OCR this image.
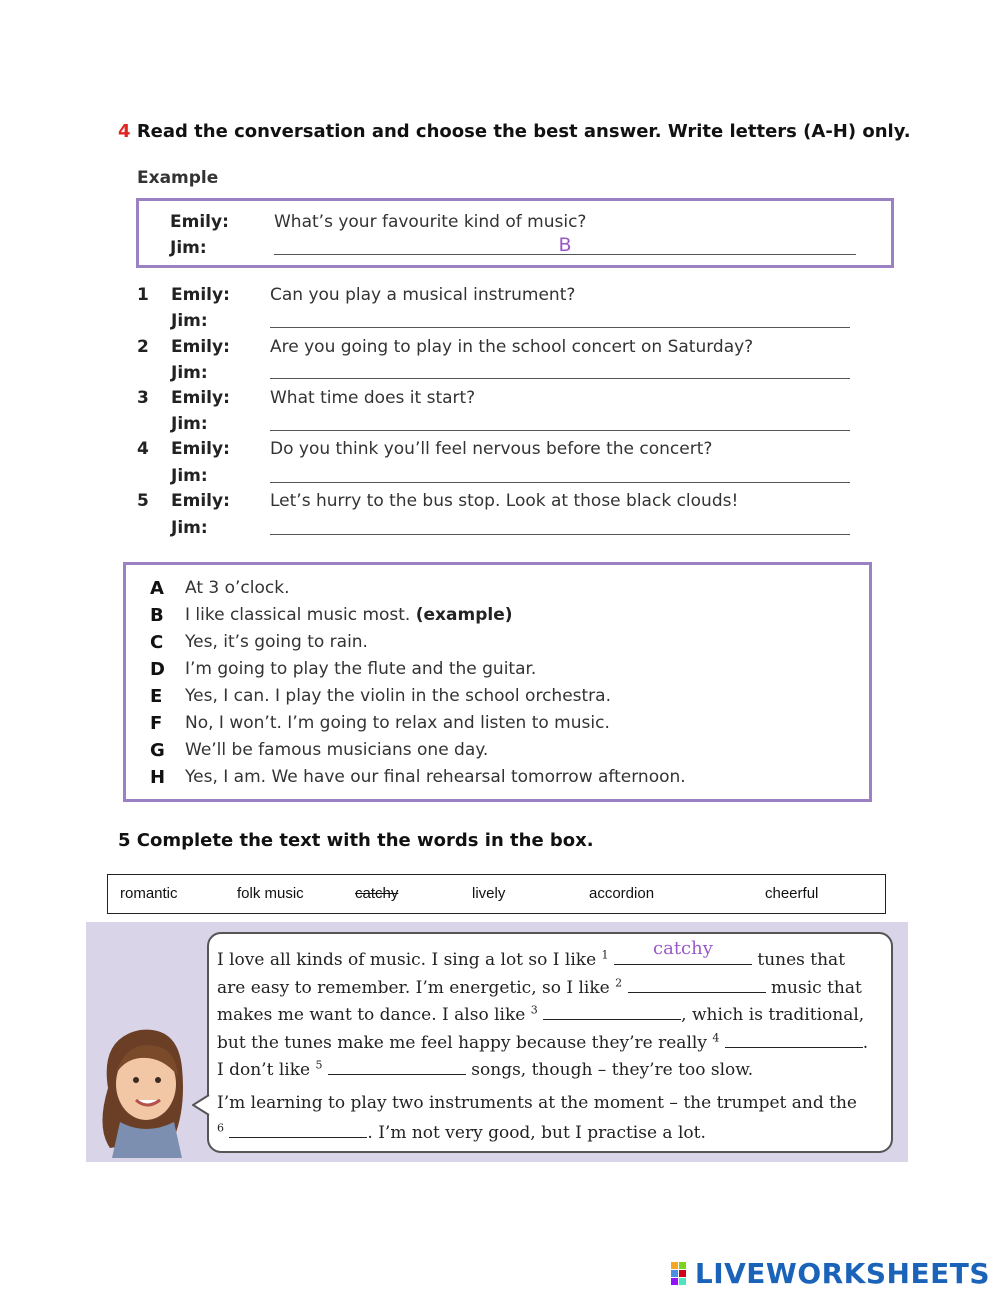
4 Read the conversation and choose the best answer. Write letters (A-H) only.
Example
Emily:	What’s your favourite kind of music?
Jim:	B
1 Emily: Can you play a musical instrument?
Jim:
2 Emily: Are you going to play in the school concert on Saturday?
Jim:
3 Emily: What time does it start?
Jim:
4 Emily: Do you think you’ll feel nervous before the concert?
Jim:
5 Emily: Let’s hurry to the bus stop. Look at those black clouds!
Jim:
A At 3 o’clock.
B I like classical music most. (example)
C Yes, it’s going to rain.
D I’m going to play the flute and the guitar.
E Yes, I can. I play the violin in the school orchestra.
F No, I won’t. I’m going to relax and listen to music.
G We’ll be famous musicians one day.
H Yes, I am. We have our final rehearsal tomorrow afternoon.
5 Complete the text with the words in the box.
romantic	folk music	catchy	lively	accordion	cheerful
I love all kinds of music. I sing a lot so I like $^1$	catchy
tunes that
are easy to remember. I’m energetic, so I like $^2$	music that
makes me want to dance. I also like $^3$	, which is traditional,
but the tunes make me feel happy because they’re really $^4$	.
I don’t like $^5$	songs, though – they’re too slow.
I’m learning to play two instruments at the moment – the trumpet and the
$^6$	. I’m not very good, but I practise a lot.
LIVEWORKSHEETS
